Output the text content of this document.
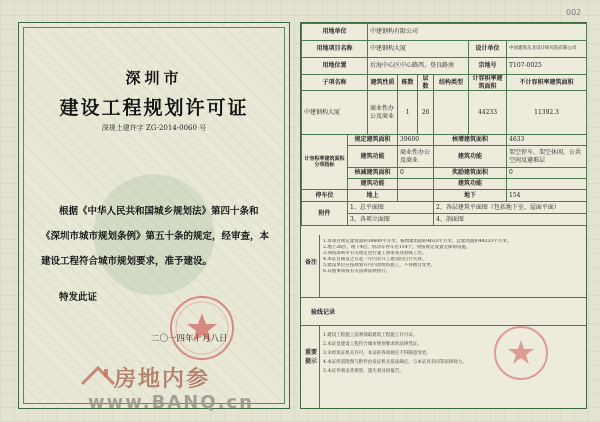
002
深圳市
建设工程规划许可证
深规土建许字 ZG-2014-0060 号
根据《中华人民共和国城乡规划法》第四十条和《深圳市城市规划条例》第五十条的规定，经审查，本建设工程符合城市规划要求，准予建设。
特发此证
二〇一四年十月八日
用地单位		中建钢构有限公司					
用地项目名称		中建钢构大厦				设计单位	中国建筑东北设计研究院有限公司
用地位置		后海中心区中心路西、登良路南				宗地号	T107-0025
子项名称		建筑性质	栋数	层数	结构类型	计容积率建筑面积	不计容积率建筑面积
中建钢构大厦		商业性办公及商业	1	26		44233	11392.3
计容积率建筑面积分项指标	规定建筑面积		39600		核增建筑面积		4633
	建筑功能		商业性办公及商业		建筑功能		架空停车、架空休闲、公共空间及避难层
	核减建筑面积		0		奖励建筑面积		0
	建筑功能				建筑功能		
停车位	地上				地下		154
附件	1、总平面图				2、各层建筑平面图（包括地下室、屋面平面）		
	3、各项立面图				4、剖面图		
备注
1.本项目规定建筑面积39600平方米，核增建筑面积4633平方米，总建筑面积44233平方米。
2.地上26层，地下4层，机动车停车位154个，须按规定设置无障碍设施。
3.须按深圳市有关规定进行施工图审查及验线工作。
4.本证自核发之日起一年内未开工建设的自行失效。
5.建设单位应按规划许可内容组织施工，不得擅自变更。
6.其他事项按有关法律法规执行。
验线记录
重要提示
1.建设工程施工前须领取建筑工程施工许可证。
2.本证是建设工程符合城市规划要求的法律凭证。
3.未经发证机关许可，本证的各项规定不得随意变更。
4.本证所需附图与附件由发证机关依法确定，与本证具有同等法律效力。
5.本证件须妥善保管，遗失须及时报告。
房地内参
www.BANQ.cn
